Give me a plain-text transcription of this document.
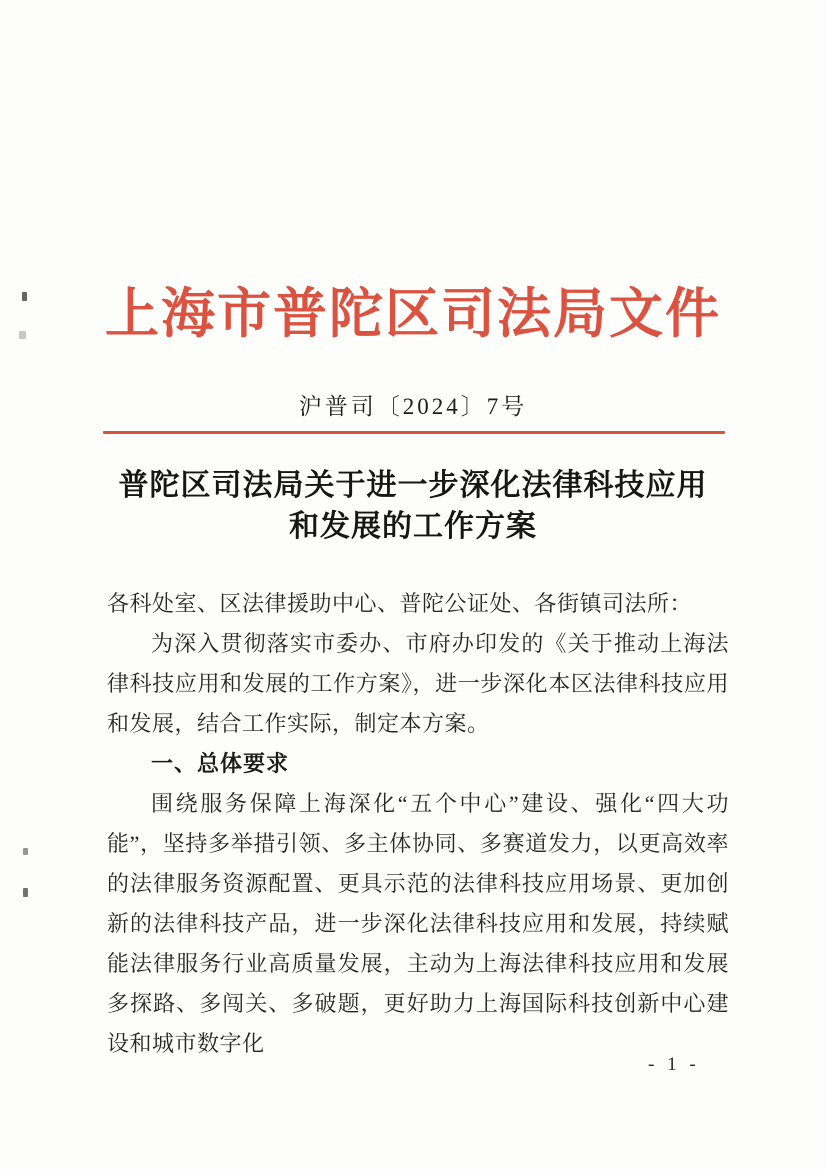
上海市普陀区司法局文件
沪普司〔2024〕7号
普陀区司法局关于进一步深化法律科技应用
和发展的工作方案

各科处室、区法律援助中心、普陀公证处、各街镇司法所：

为深入贯彻落实市委办、市府办印发的《关于推动上海法律科技应用和发展的工作方案》，进一步深化本区法律科技应用和发展，结合工作实际，制定本方案。

一、总体要求

围绕服务保障上海深化“五个中心”建设、强化“四大功能”，坚持多举措引领、多主体协同、多赛道发力，以更高效率的法律服务资源配置、更具示范的法律科技应用场景、更加创新的法律科技产品，进一步深化法律科技应用和发展，持续赋能法律服务行业高质量发展，主动为上海法律科技应用和发展多探路、多闯关、多破题，更好助力上海国际科技创新中心建设和城市数字化

- 1 -
